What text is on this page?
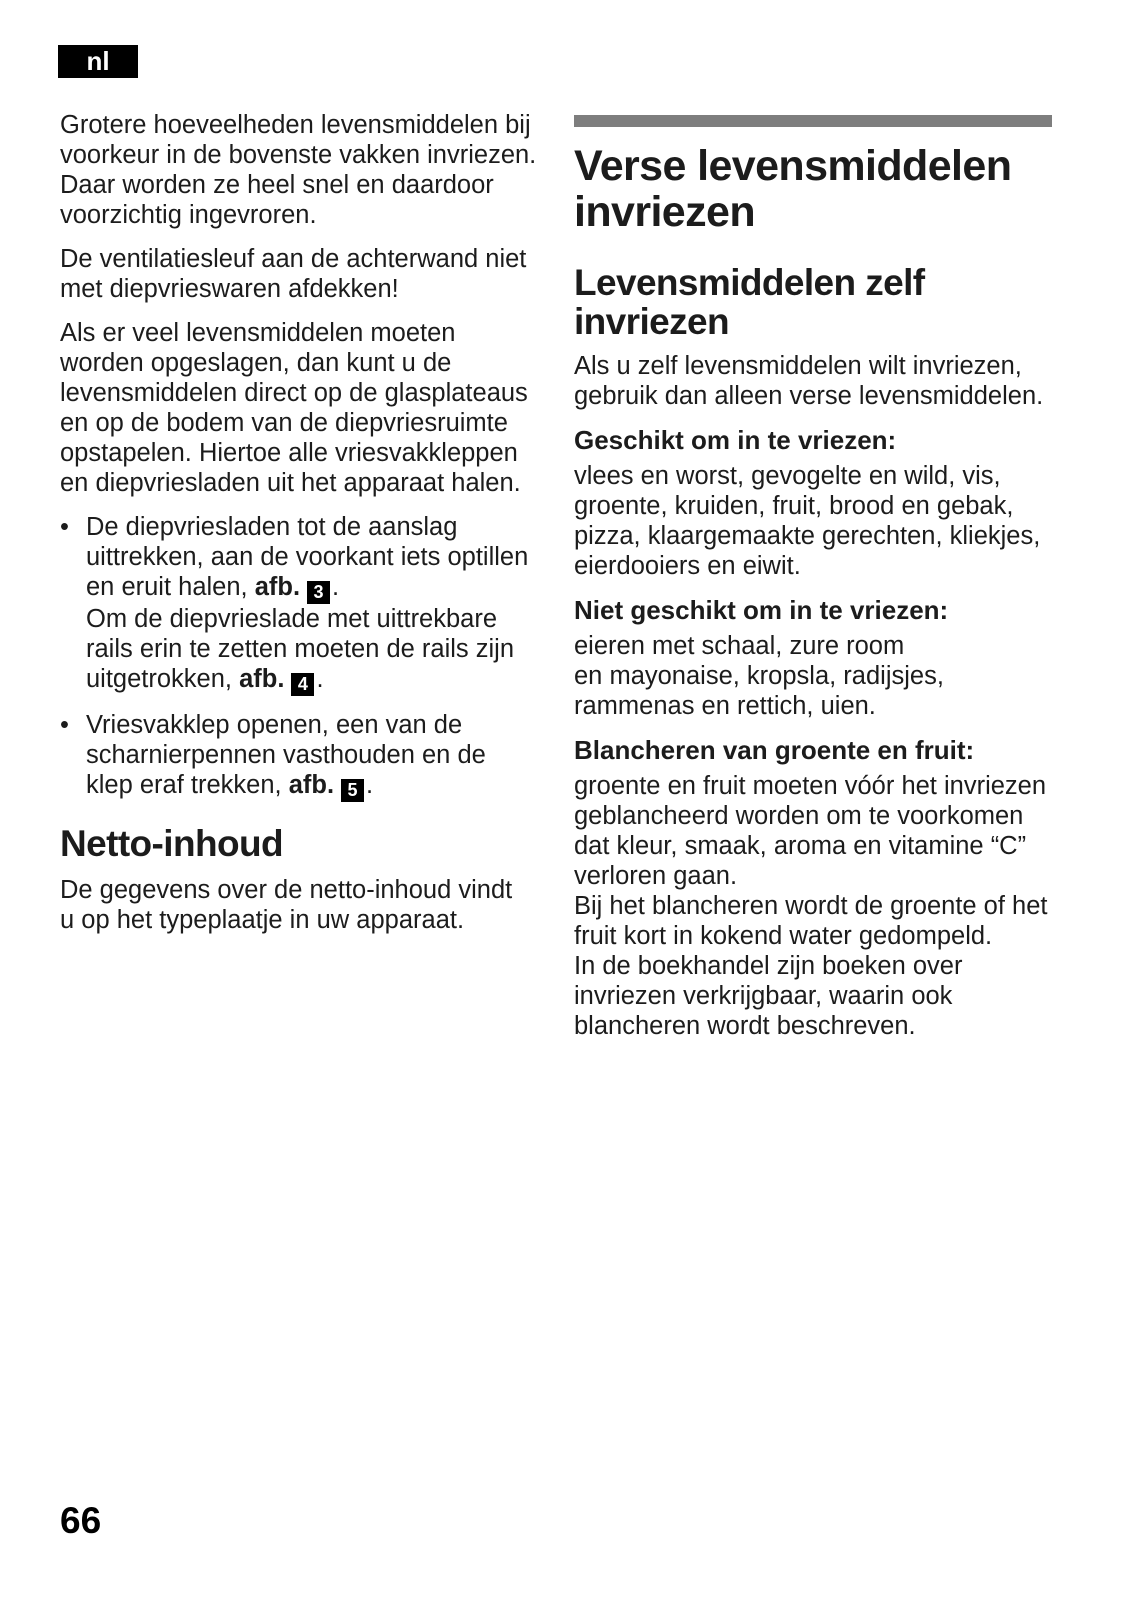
nl

Grotere hoeveelheden levensmiddelen bij voorkeur in de bovenste vakken invriezen. Daar worden ze heel snel en daardoor voorzichtig ingevroren.

De ventilatiesleuf aan de achterwand niet met diepvrieswaren afdekken!

Als er veel levensmiddelen moeten worden opgeslagen, dan kunt u de levensmiddelen direct op de glasplateaus en op de bodem van de diepvriesruimte opstapelen. Hiertoe alle vriesvakkleppen en diepvriesladen uit het apparaat halen.

• De diepvriesladen tot de aanslag uittrekken, aan de voorkant iets optillen en eruit halen, afb. 3 .
Om de diepvrieslade met uittrekbare rails erin te zetten moeten de rails zijn uitgetrokken, afb. 4 .
• Vriesvakklep openen, een van de scharnierpennen vasthouden en de klep eraf trekken, afb. 5 .
Netto-inhoud

De gegevens over de netto-inhoud vindt u op het typeplaatje in uw apparaat.

Verse levensmiddelen invriezen
Levensmiddelen zelf invriezen

Als u zelf levensmiddelen wilt invriezen, gebruik dan alleen verse levensmiddelen.

Geschikt om in te vriezen:

vlees en worst, gevogelte en wild, vis, groente, kruiden, fruit, brood en gebak, pizza, klaargemaakte gerechten, kliekjes, eierdooiers en eiwit.

Niet geschikt om in te vriezen:

eieren met schaal, zure room
en mayonaise, kropsla, radijsjes,
rammenas en rettich, uien.

Blancheren van groente en fruit:

groente en fruit moeten vóór het invriezen geblancheerd worden om te voorkomen dat kleur, smaak, aroma en vitamine “C” verloren gaan.
Bij het blancheren wordt de groente of het fruit kort in kokend water gedompeld.
In de boekhandel zijn boeken over invriezen verkrijgbaar, waarin ook blancheren wordt beschreven.

66
